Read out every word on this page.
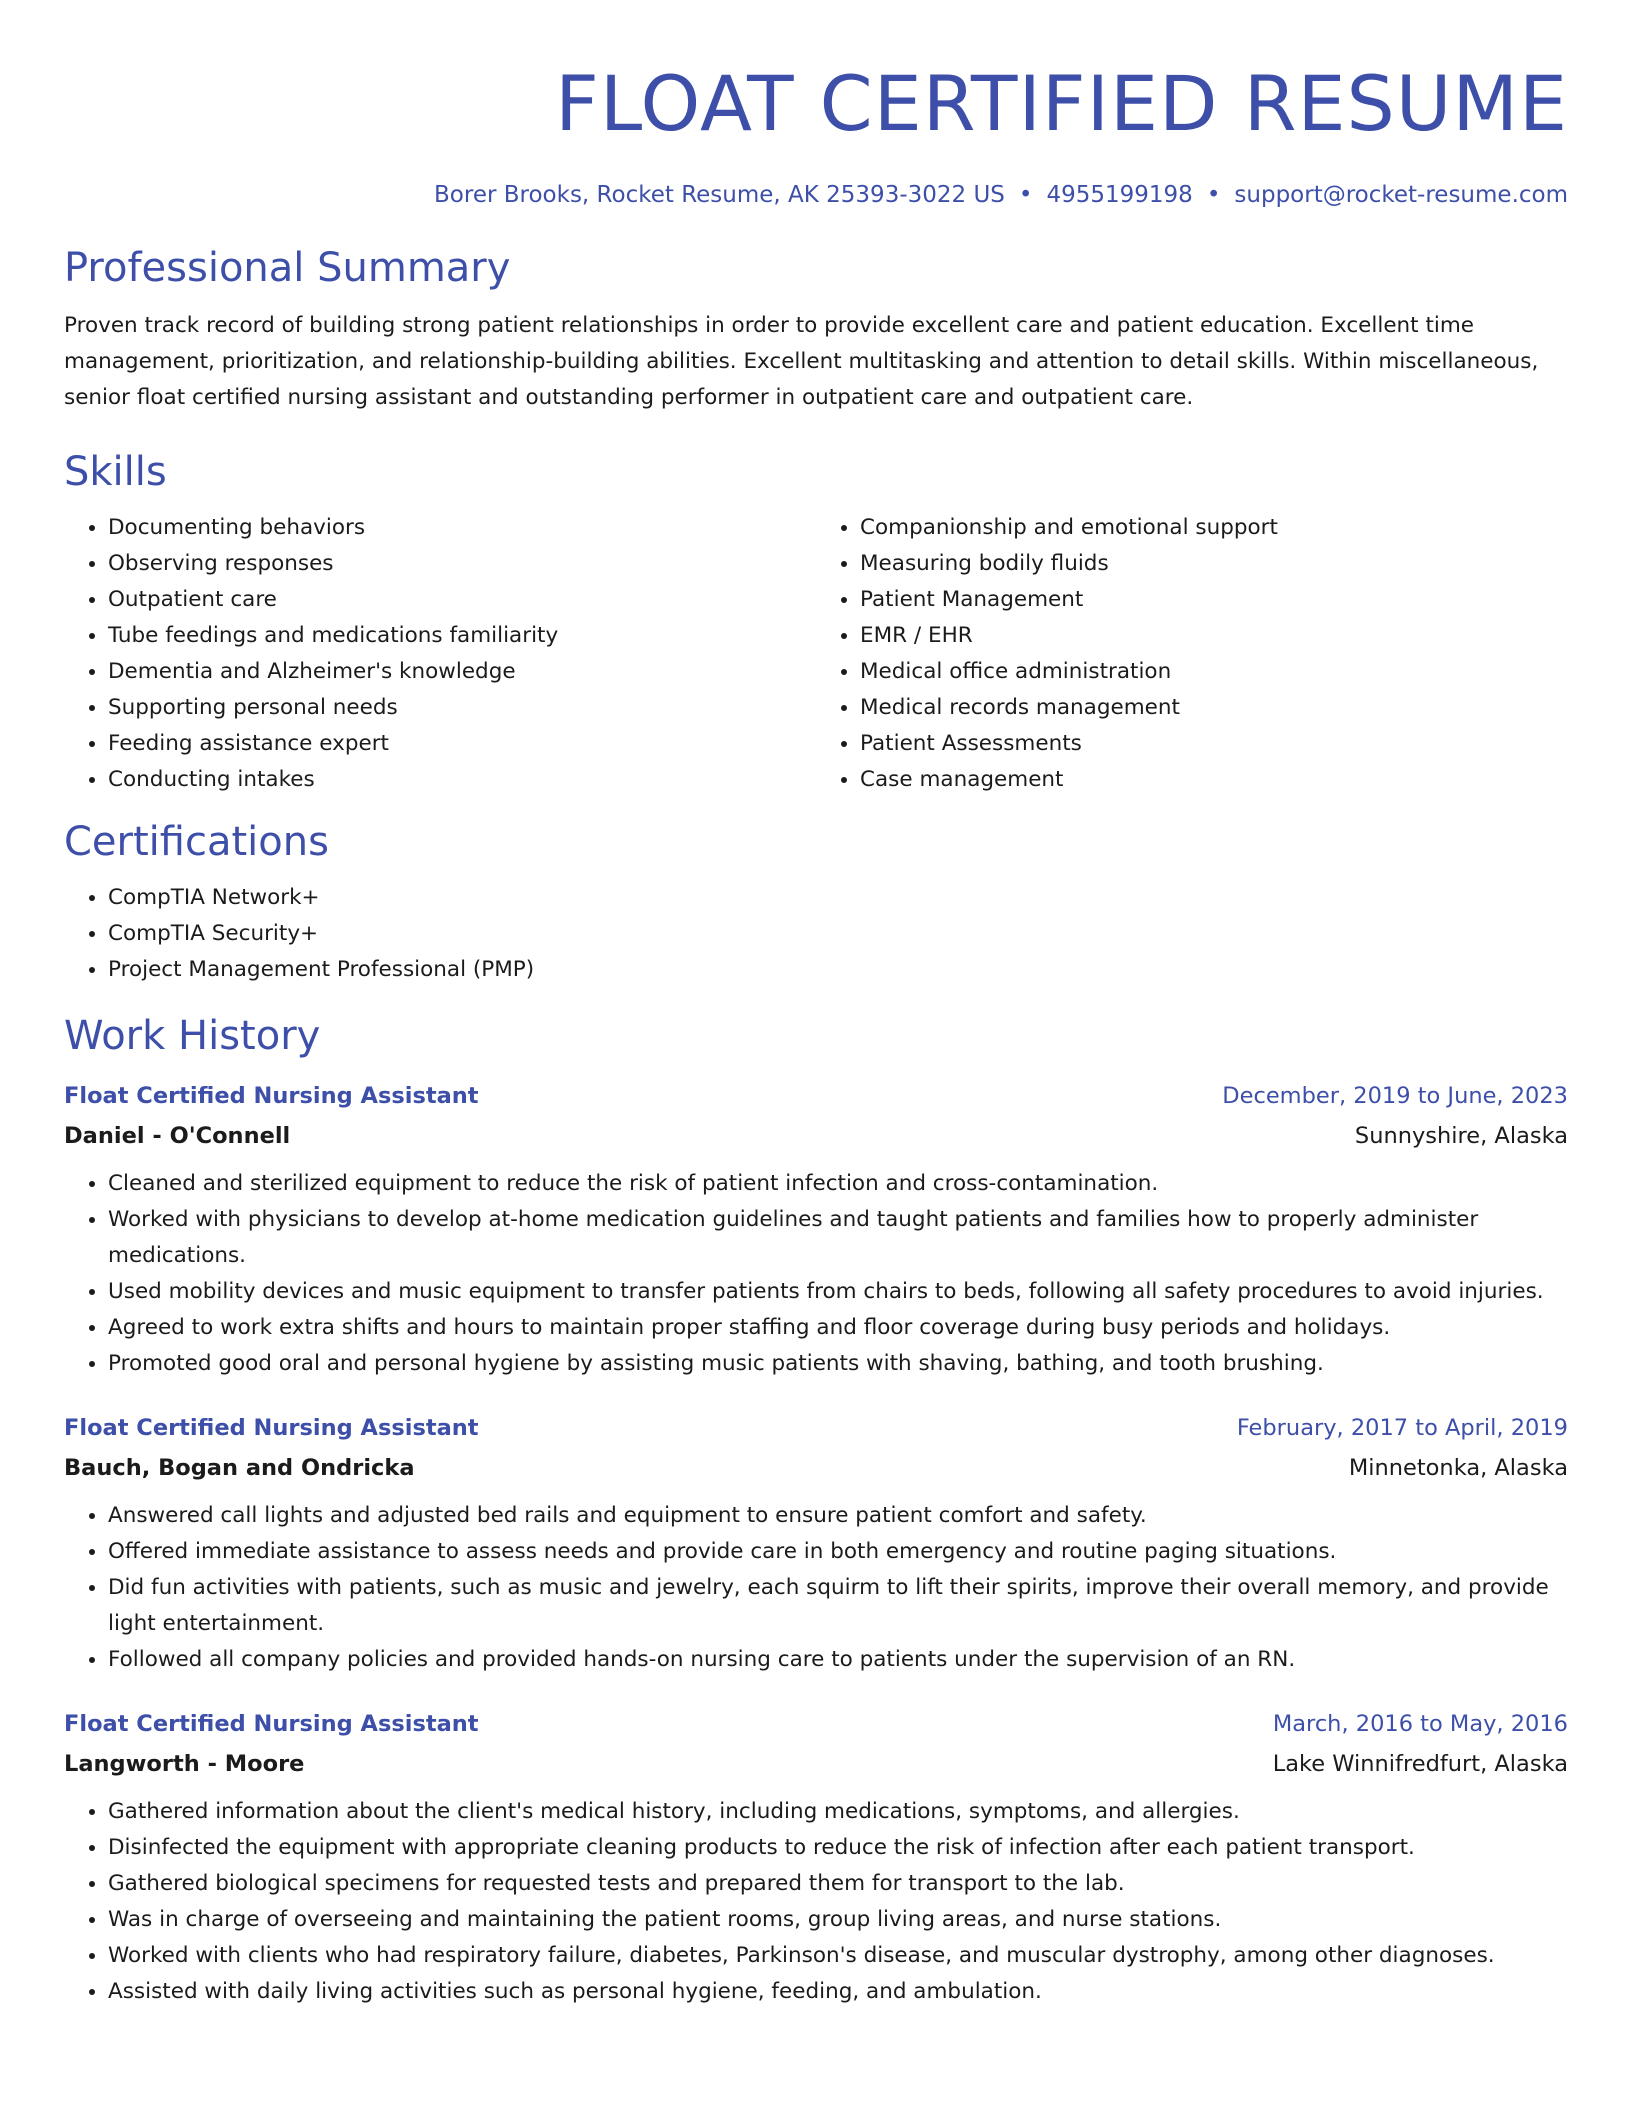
FLOAT CERTIFIED RESUME
Borer Brooks, Rocket Resume, AK 25393-3022 US • 4955199198 • support@rocket-resume.com
Professional Summary
Proven track record of building strong patient relationships in order to provide excellent care and patient education. Excellent time management, prioritization, and relationship-building abilities. Excellent multitasking and attention to detail skills. Within miscellaneous, senior float certified nursing assistant and outstanding performer in outpatient care and outpatient care.
Skills
• Documenting behaviors
• Observing responses
• Outpatient care
• Tube feedings and medications familiarity
• Dementia and Alzheimer's knowledge
• Supporting personal needs
• Feeding assistance expert
• Conducting intakes
• Companionship and emotional support
• Measuring bodily fluids
• Patient Management
• EMR / EHR
• Medical office administration
• Medical records management
• Patient Assessments
• Case management
Certifications
• CompTIA Network+
• CompTIA Security+
• Project Management Professional (PMP)
Work History
Float Certified Nursing Assistant	December, 2019 to June, 2023
Daniel - O'Connell	Sunnyshire, Alaska
• Cleaned and sterilized equipment to reduce the risk of patient infection and cross-contamination.
• Worked with physicians to develop at-home medication guidelines and taught patients and families how to properly administer medications.
• Used mobility devices and music equipment to transfer patients from chairs to beds, following all safety procedures to avoid injuries.
• Agreed to work extra shifts and hours to maintain proper staffing and floor coverage during busy periods and holidays.
• Promoted good oral and personal hygiene by assisting music patients with shaving, bathing, and tooth brushing.
Float Certified Nursing Assistant	February, 2017 to April, 2019
Bauch, Bogan and Ondricka	Minnetonka, Alaska
• Answered call lights and adjusted bed rails and equipment to ensure patient comfort and safety.
• Offered immediate assistance to assess needs and provide care in both emergency and routine paging situations.
• Did fun activities with patients, such as music and jewelry, each squirm to lift their spirits, improve their overall memory, and provide light entertainment.
• Followed all company policies and provided hands-on nursing care to patients under the supervision of an RN.
Float Certified Nursing Assistant	March, 2016 to May, 2016
Langworth - Moore	Lake Winnifredfurt, Alaska
• Gathered information about the client's medical history, including medications, symptoms, and allergies.
• Disinfected the equipment with appropriate cleaning products to reduce the risk of infection after each patient transport.
• Gathered biological specimens for requested tests and prepared them for transport to the lab.
• Was in charge of overseeing and maintaining the patient rooms, group living areas, and nurse stations.
• Worked with clients who had respiratory failure, diabetes, Parkinson's disease, and muscular dystrophy, among other diagnoses.
• Assisted with daily living activities such as personal hygiene, feeding, and ambulation.
